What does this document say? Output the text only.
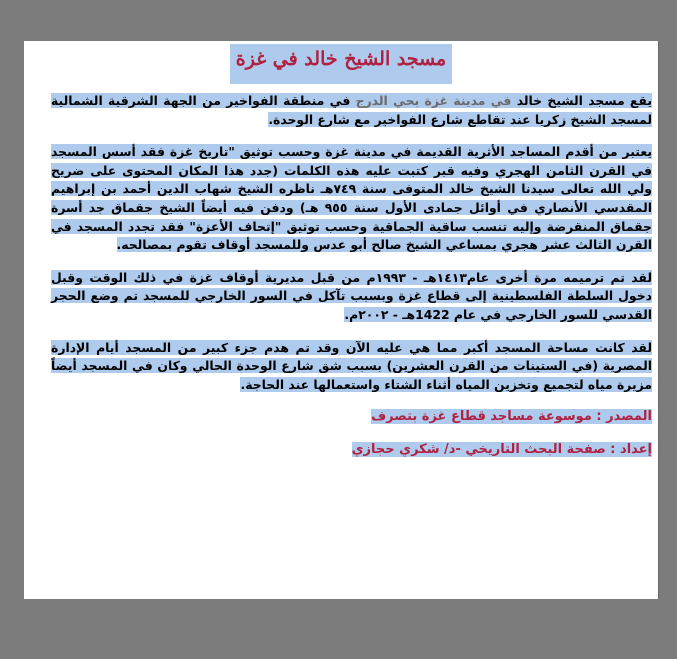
مسجد الشيخ خالد في غزة

يقع مسجد الشيخ خالد في مدينة غزة بحي الدرج في منطقة الفواخير من الجهة الشرقية الشمالية لمسجد الشيخ زكريا عند تقاطع شارع الفواخير مع شارع الوحدة.

يعتبر من أقدم المساجد الأثرية القديمة في مدينة غزة وحسب توثيق "تاريخ غزة فقد أسس المسجد في القرن الثامن الهجري وفيه قبر كتبت عليه هذه الكلمات (جدد هذا المكان المحتوى على ضريح ولي الله تعالى سيدنا الشيخ خالد المتوفى سنة ٧٤٩هـ ناظره الشيخ شهاب الدين أحمد بن إبراهيم المقدسي الأنصاري في أوائل جمادى الأول سنة ٩٥٥ هـ) ودفن فيه أيضاً الشيخ جقماق جد أسرة جقماق المنقرضة وإليه تنسب ساقية الجماقية وحسب توثيق "إتحاف الأعزة" فقد تجدد المسجد في القرن الثالث عشر هجري بمساعي الشيخ صالح أبو عدس وللمسجد أوقاف تقوم بمصالحه.

لقد تم ترميمه مرة أخرى عام١٤١٣هـ - ١٩٩٣م من قبل مديرية أوقاف غزة في ذلك الوقت وقبل دخول السلطة الفلسطينية إلى قطاع غزة وبسبب تآكل في السور الخارجي للمسجد تم وضع الحجر القدسي للسور الخارجي في عام 1422هـ - ٢٠٠٢م.

لقد كانت مساحة المسجد أكبر مما هي عليه الآن وقد تم هدم جزء كبير من المسجد أيام الإدارة المصرية (في الستينات من القرن العشرين) بسبب شق شارع الوحدة الحالي وكان في المسجد أيضاً مزيرة مياه لتجميع وتخزين المياه أثناء الشتاء واستعمالها عند الحاجة.

المصدر : موسوعة مساجد قطاع غزة بتصرف

إعداد : صفحة البحث التاريخي -د/ شكري حجازي
